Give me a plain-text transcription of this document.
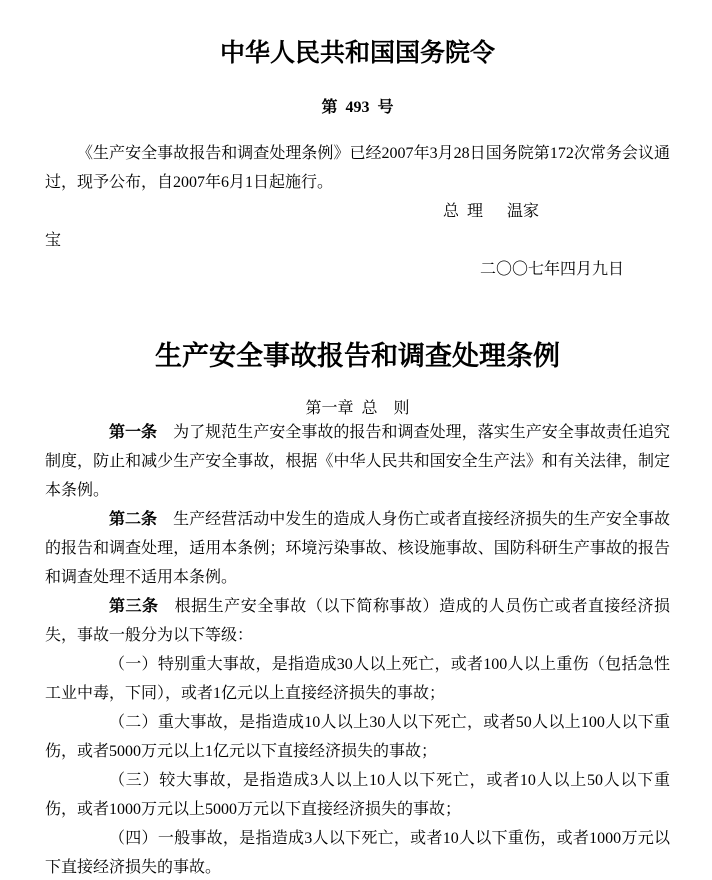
中华人民共和国国务院令
第  493  号

《生产安全事故报告和调查处理条例》已经2007年3月28日国务院第172次常务会议通过，现予公布，自2007年6月1日起施行。

总  理      温家
宝
二〇〇七年四月九日
生产安全事故报告和调查处理条例
第一章  总    则

第一条 为了规范生产安全事故的报告和调查处理，落实生产安全事故责任追究制度，防止和减少生产安全事故，根据《中华人民共和国安全生产法》和有关法律，制定本条例。

第二条 生产经营活动中发生的造成人身伤亡或者直接经济损失的生产安全事故的报告和调查处理，适用本条例；环境污染事故、核设施事故、国防科研生产事故的报告和调查处理不适用本条例。

第三条 根据生产安全事故（以下简称事故）造成的人员伤亡或者直接经济损失，事故一般分为以下等级：

（一）特别重大事故，是指造成30人以上死亡，或者100人以上重伤（包括急性工业中毒，下同），或者1亿元以上直接经济损失的事故；

（二）重大事故，是指造成10人以上30人以下死亡，或者50人以上100人以下重伤，或者5000万元以上1亿元以下直接经济损失的事故；

（三）较大事故，是指造成3人以上10人以下死亡，或者10人以上50人以下重伤，或者1000万元以上5000万元以下直接经济损失的事故；

（四）一般事故，是指造成3人以下死亡，或者10人以下重伤，或者1000万元以下直接经济损失的事故。
